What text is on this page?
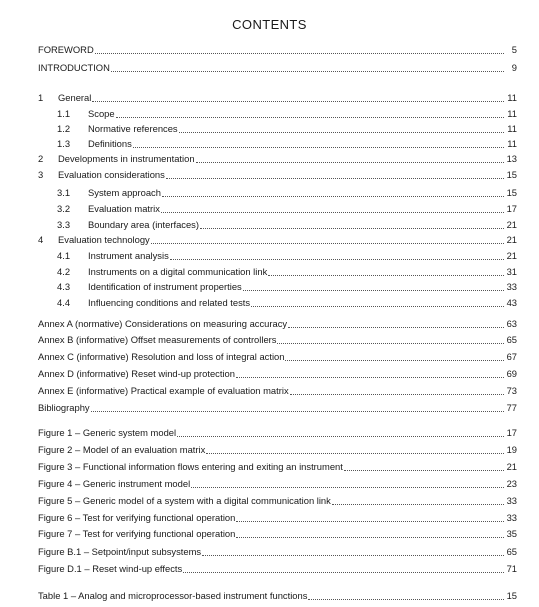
CONTENTS
FOREWORD	5
INTRODUCTION	9
1	General	11
1.1	Scope	11
1.2	Normative references	11
1.3	Definitions	11
2	Developments in instrumentation	13
3	Evaluation considerations	15
3.1	System approach	15
3.2	Evaluation matrix	17
3.3	Boundary area (interfaces)	21
4	Evaluation technology	21
4.1	Instrument analysis	21
4.2	Instruments on a digital communication link	31
4.3	Identification of instrument properties	33
4.4	Influencing conditions and related tests	43
Annex A (normative) Considerations on measuring accuracy	63
Annex B (informative) Offset measurements of controllers	65
Annex C (informative) Resolution and loss of integral action	67
Annex D (informative) Reset wind-up protection	69
Annex E (informative) Practical example of evaluation matrix	73
Bibliography	77
Figure 1 – Generic system model	17
Figure 2 – Model of an evaluation matrix	19
Figure 3 – Functional information flows entering and exiting an instrument	21
Figure 4 – Generic instrument model	23
Figure 5 – Generic model of a system with a digital communication link	33
Figure 6 – Test for verifying functional operation	33
Figure 7 – Test for verifying functional operation	35
Figure B.1 – Setpoint/input subsystems	65
Figure D.1 – Reset wind-up effects	71
Table 1 – Analog and microprocessor-based instrument functions	15
